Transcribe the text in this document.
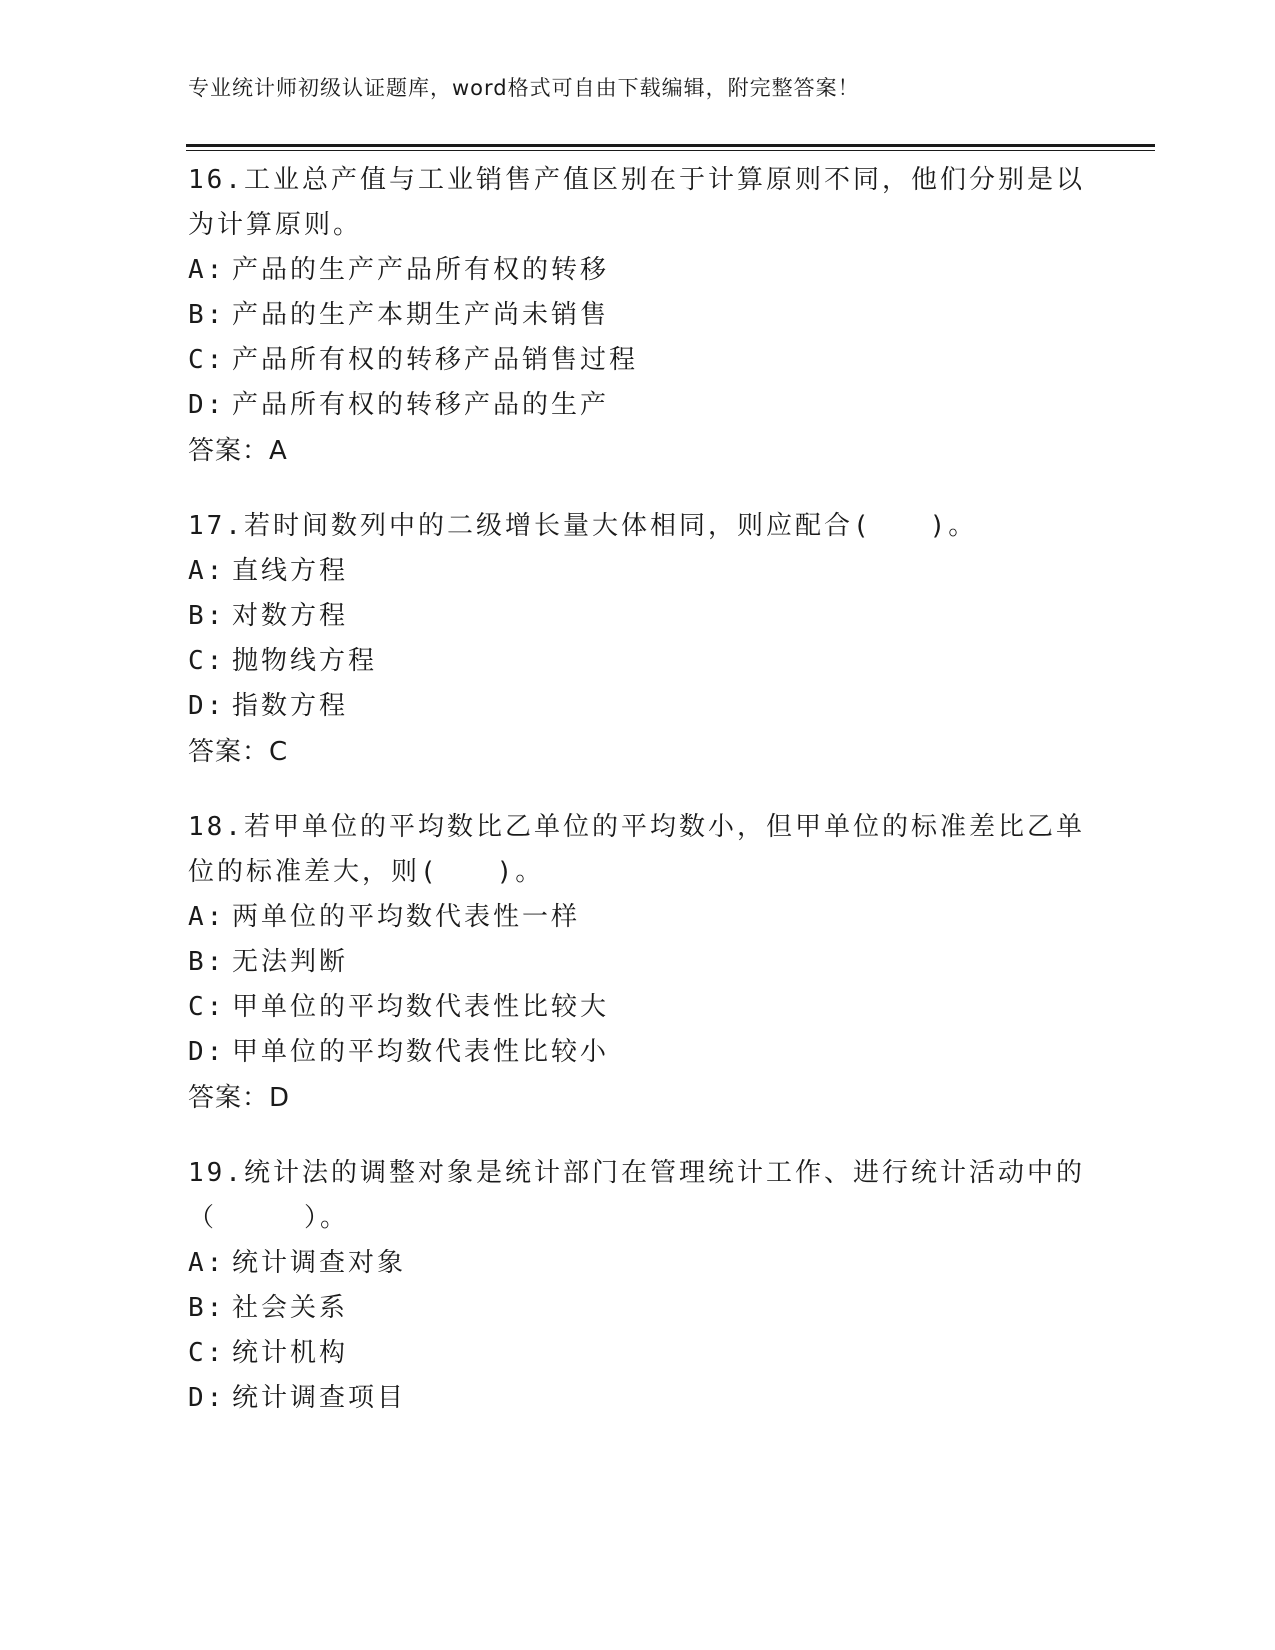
专业统计师初级认证题库，word格式可自由下载编辑，附完整答案！

16.工业总产值与工业销售产值区别在于计算原则不同，他们分别是以为计算原则。

A: 产品的生产产品所有权的转移

B: 产品的生产本期生产尚未销售

C: 产品所有权的转移产品销售过程

D: 产品所有权的转移产品的生产

答案：A

17.若时间数列中的二级增长量大体相同，则应配合(　　)。

A: 直线方程

B: 对数方程

C: 抛物线方程

D: 指数方程

答案：C

18.若甲单位的平均数比乙单位的平均数小，但甲单位的标准差比乙单位的标准差大，则(　　)。

A: 两单位的平均数代表性一样

B: 无法判断

C: 甲单位的平均数代表性比较大

D: 甲单位的平均数代表性比较小

答案：D

19.统计法的调整对象是统计部门在管理统计工作、进行统计活动中的（　　　）。

A: 统计调查对象

B: 社会关系

C: 统计机构

D: 统计调查项目
